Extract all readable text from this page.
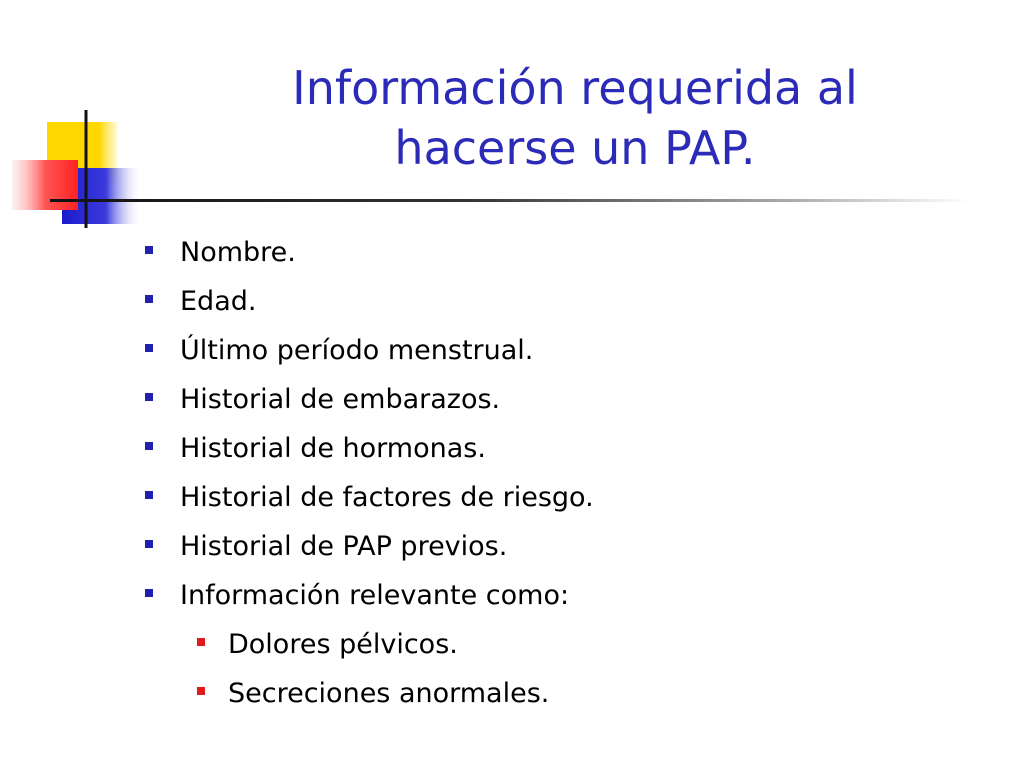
Información requerida al
hacerse un PAP.
Nombre.
Edad.
Último período menstrual.
Historial de embarazos.
Historial de hormonas.
Historial de factores de riesgo.
Historial de PAP previos.
Información relevante como:
Dolores pélvicos.
Secreciones anormales.
